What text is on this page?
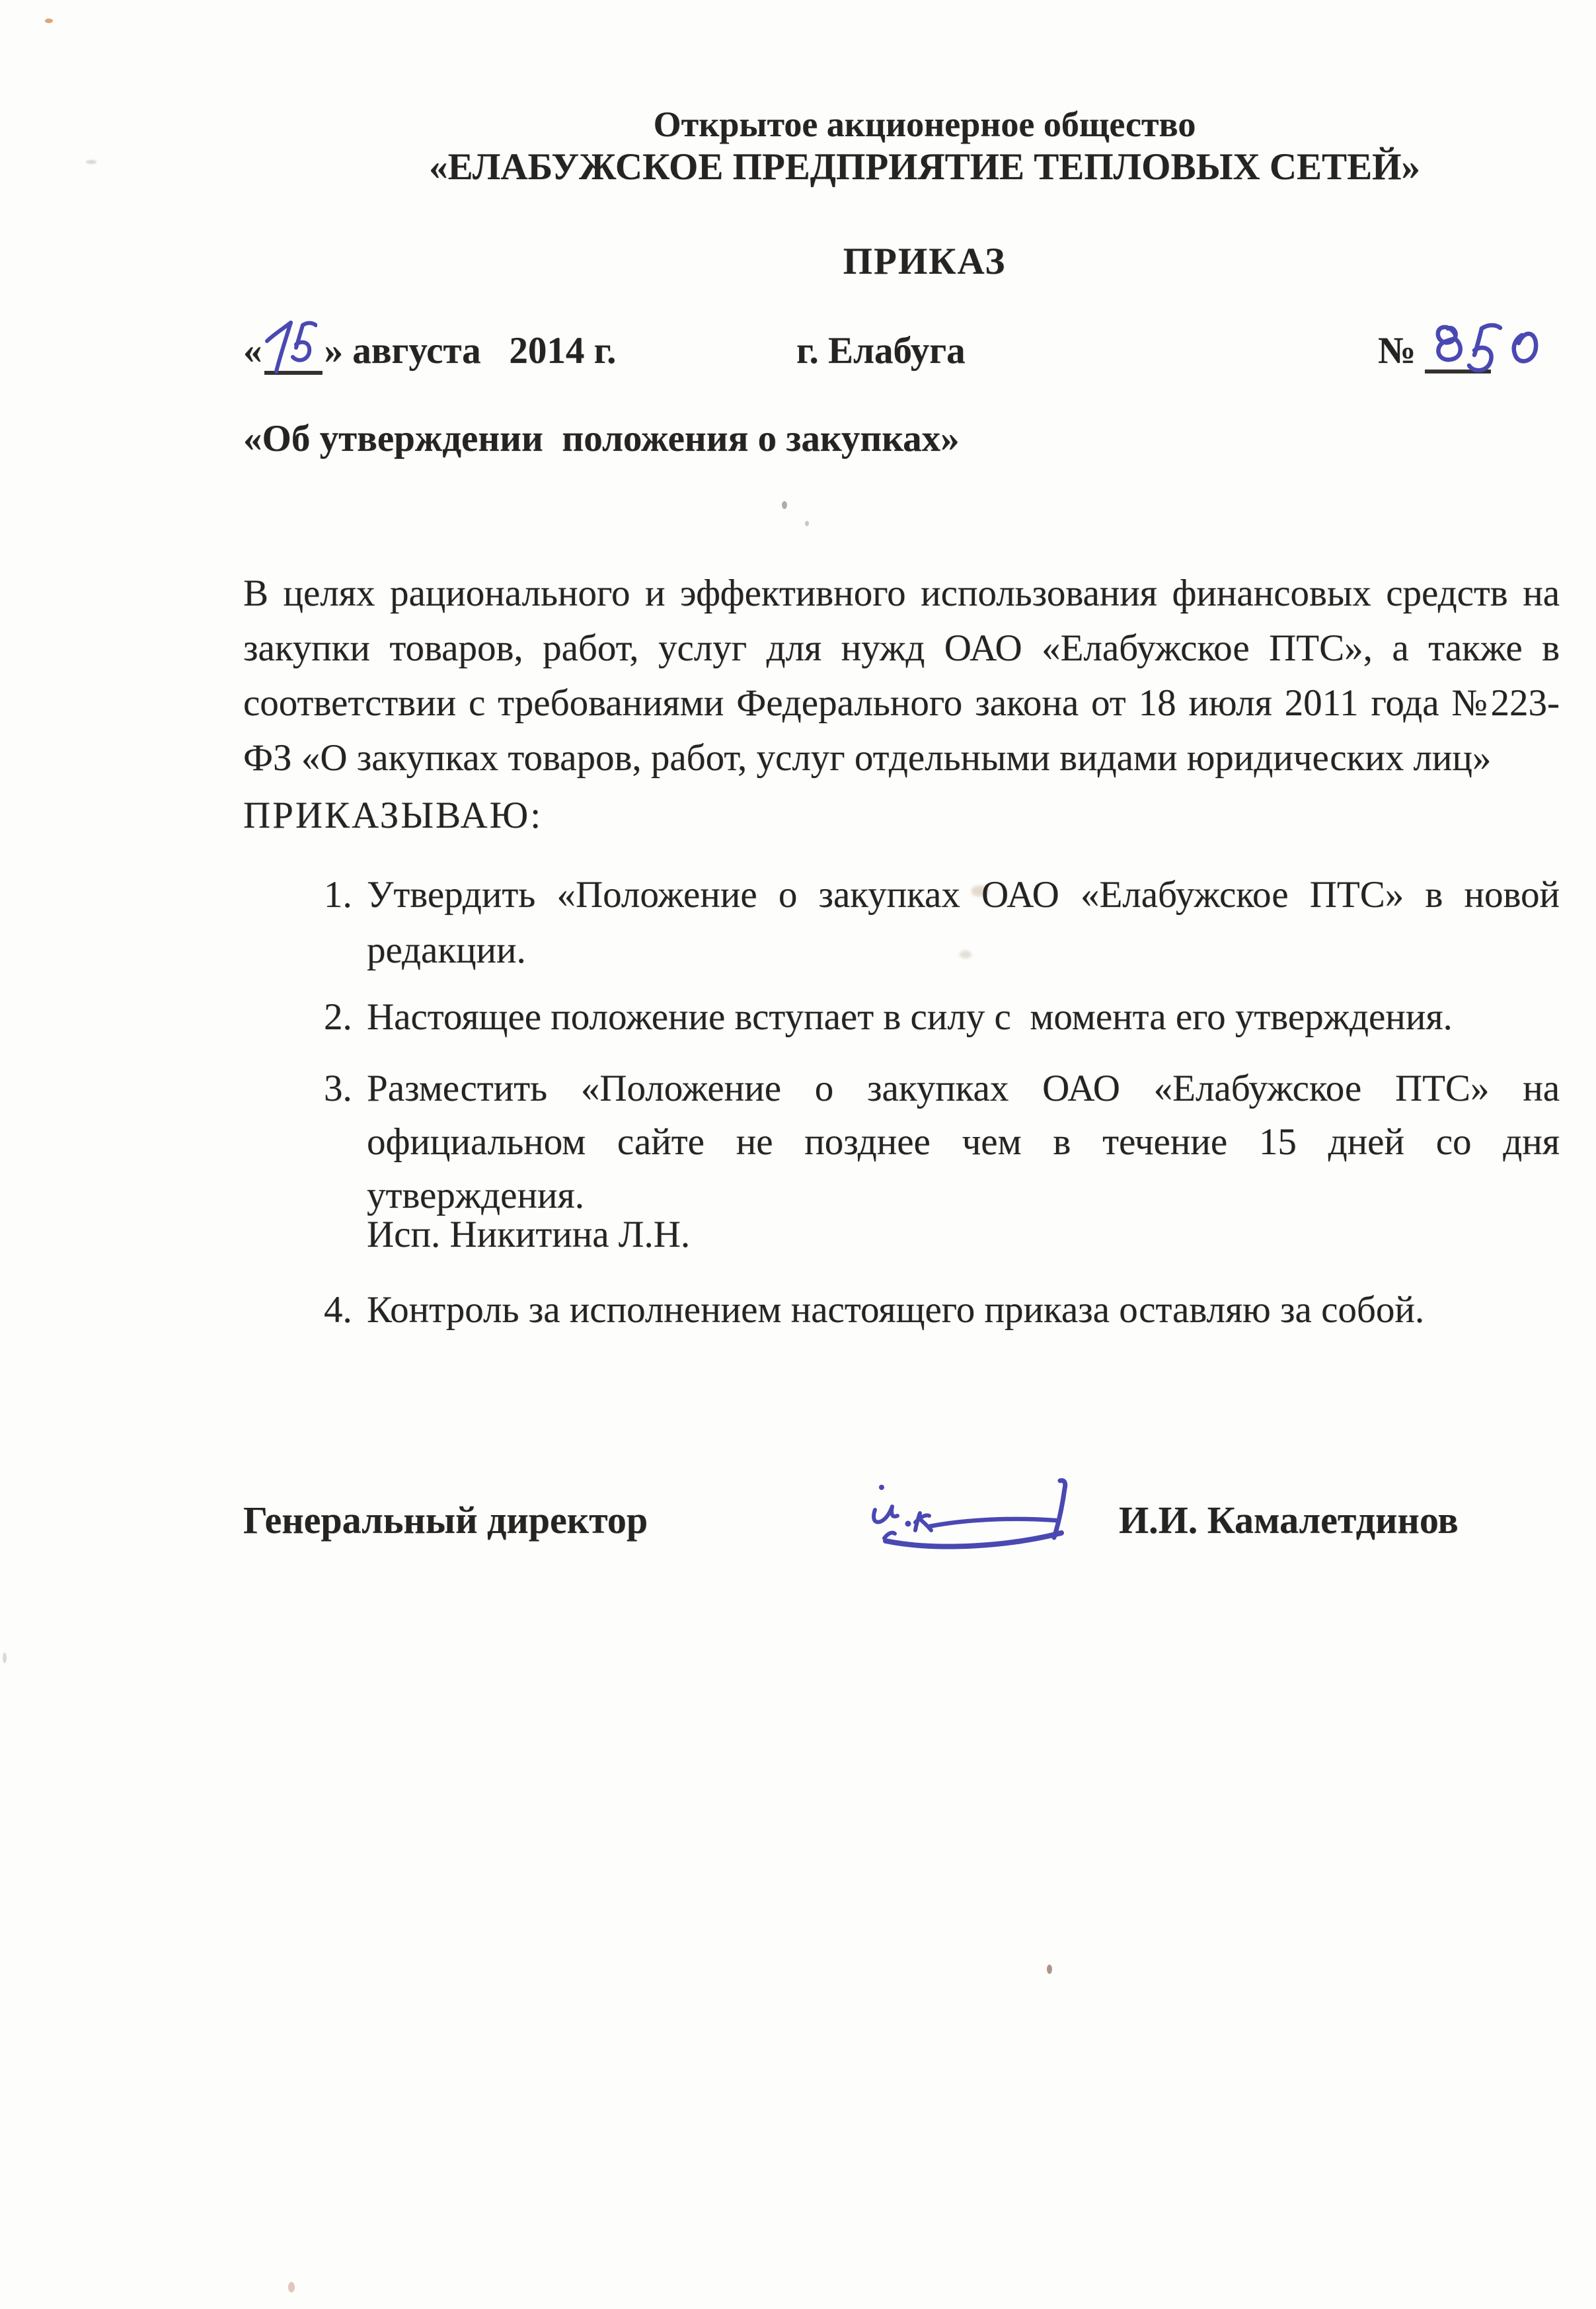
Открытое акционерное общество
«ЕЛАБУЖСКОЕ ПРЕДПРИЯТИЕ ТЕПЛОВЫХ СЕТЕЙ»
ПРИКАЗ
« » августа   2014 г.	г. Елабуга	№
«Об утверждении  положения о закупках»
В целях рационального и эффективного использования финансовых средств на
закупки товаров, работ, услуг для нужд ОАО «Елабужское ПТС», а также в
соответствии с требованиями Федерального закона от 18 июля 2011 года №223-
ФЗ «О закупках товаров, работ, услуг отдельными видами юридических лиц»
ПРИКАЗЫВАЮ:
1. Утвердить «Положение о закупках ОАО «Елабужское ПТС» в новой
редакции.
2. Настоящее положение вступает в силу с  момента его утверждения.
3. Разместить «Положение о закупках ОАО «Елабужское ПТС» на
официальном сайте не позднее чем в течение 15 дней со дня
утверждения.
Исп. Никитина Л.Н.
4. Контроль за исполнением настоящего приказа оставляю за собой.
Генеральный директор	И.И. Камалетдинов
